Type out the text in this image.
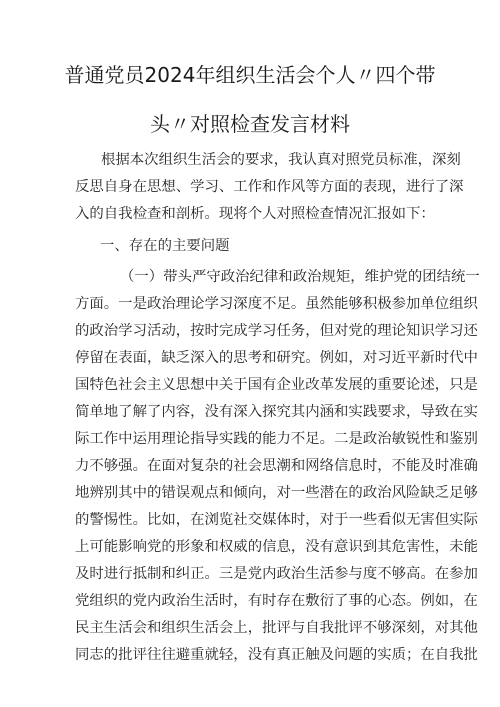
普通党员2024年组织生活会个人〃四个带
头〃对照检查发言材料

根据本次组织生活会的要求，我认真对照党员标准，深刻

反思自身在思想、学习、工作和作风等方面的表现，进行了深

入的自我检查和剖析。现将个人对照检查情况汇报如下：

一、存在的主要问题

（一）带头严守政治纪律和政治规矩，维护党的团结统一

方面。一是政治理论学习深度不足。虽然能够积极参加单位组织

的政治学习活动，按时完成学习任务，但对党的理论知识学习还

停留在表面，缺乏深入的思考和研究。例如，对习近平新时代中

国特色社会主义思想中关于国有企业改革发展的重要论述，只是

简单地了解了内容，没有深入探究其内涵和实践要求，导致在实

际工作中运用理论指导实践的能力不足。二是政治敏锐性和鉴别

力不够强。在面对复杂的社会思潮和网络信息时，不能及时准确

地辨别其中的错误观点和倾向，对一些潜在的政治风险缺乏足够

的警惕性。比如，在浏览社交媒体时，对于一些看似无害但实际

上可能影响党的形象和权威的信息，没有意识到其危害性，未能

及时进行抵制和纠正。三是党内政治生活参与度不够高。在参加

党组织的党内政治生活时，有时存在敷衍了事的心态。例如，在

民主生活会和组织生活会上，批评与自我批评不够深刻，对其他

同志的批评往往避重就轻，没有真正触及问题的实质；在自我批
